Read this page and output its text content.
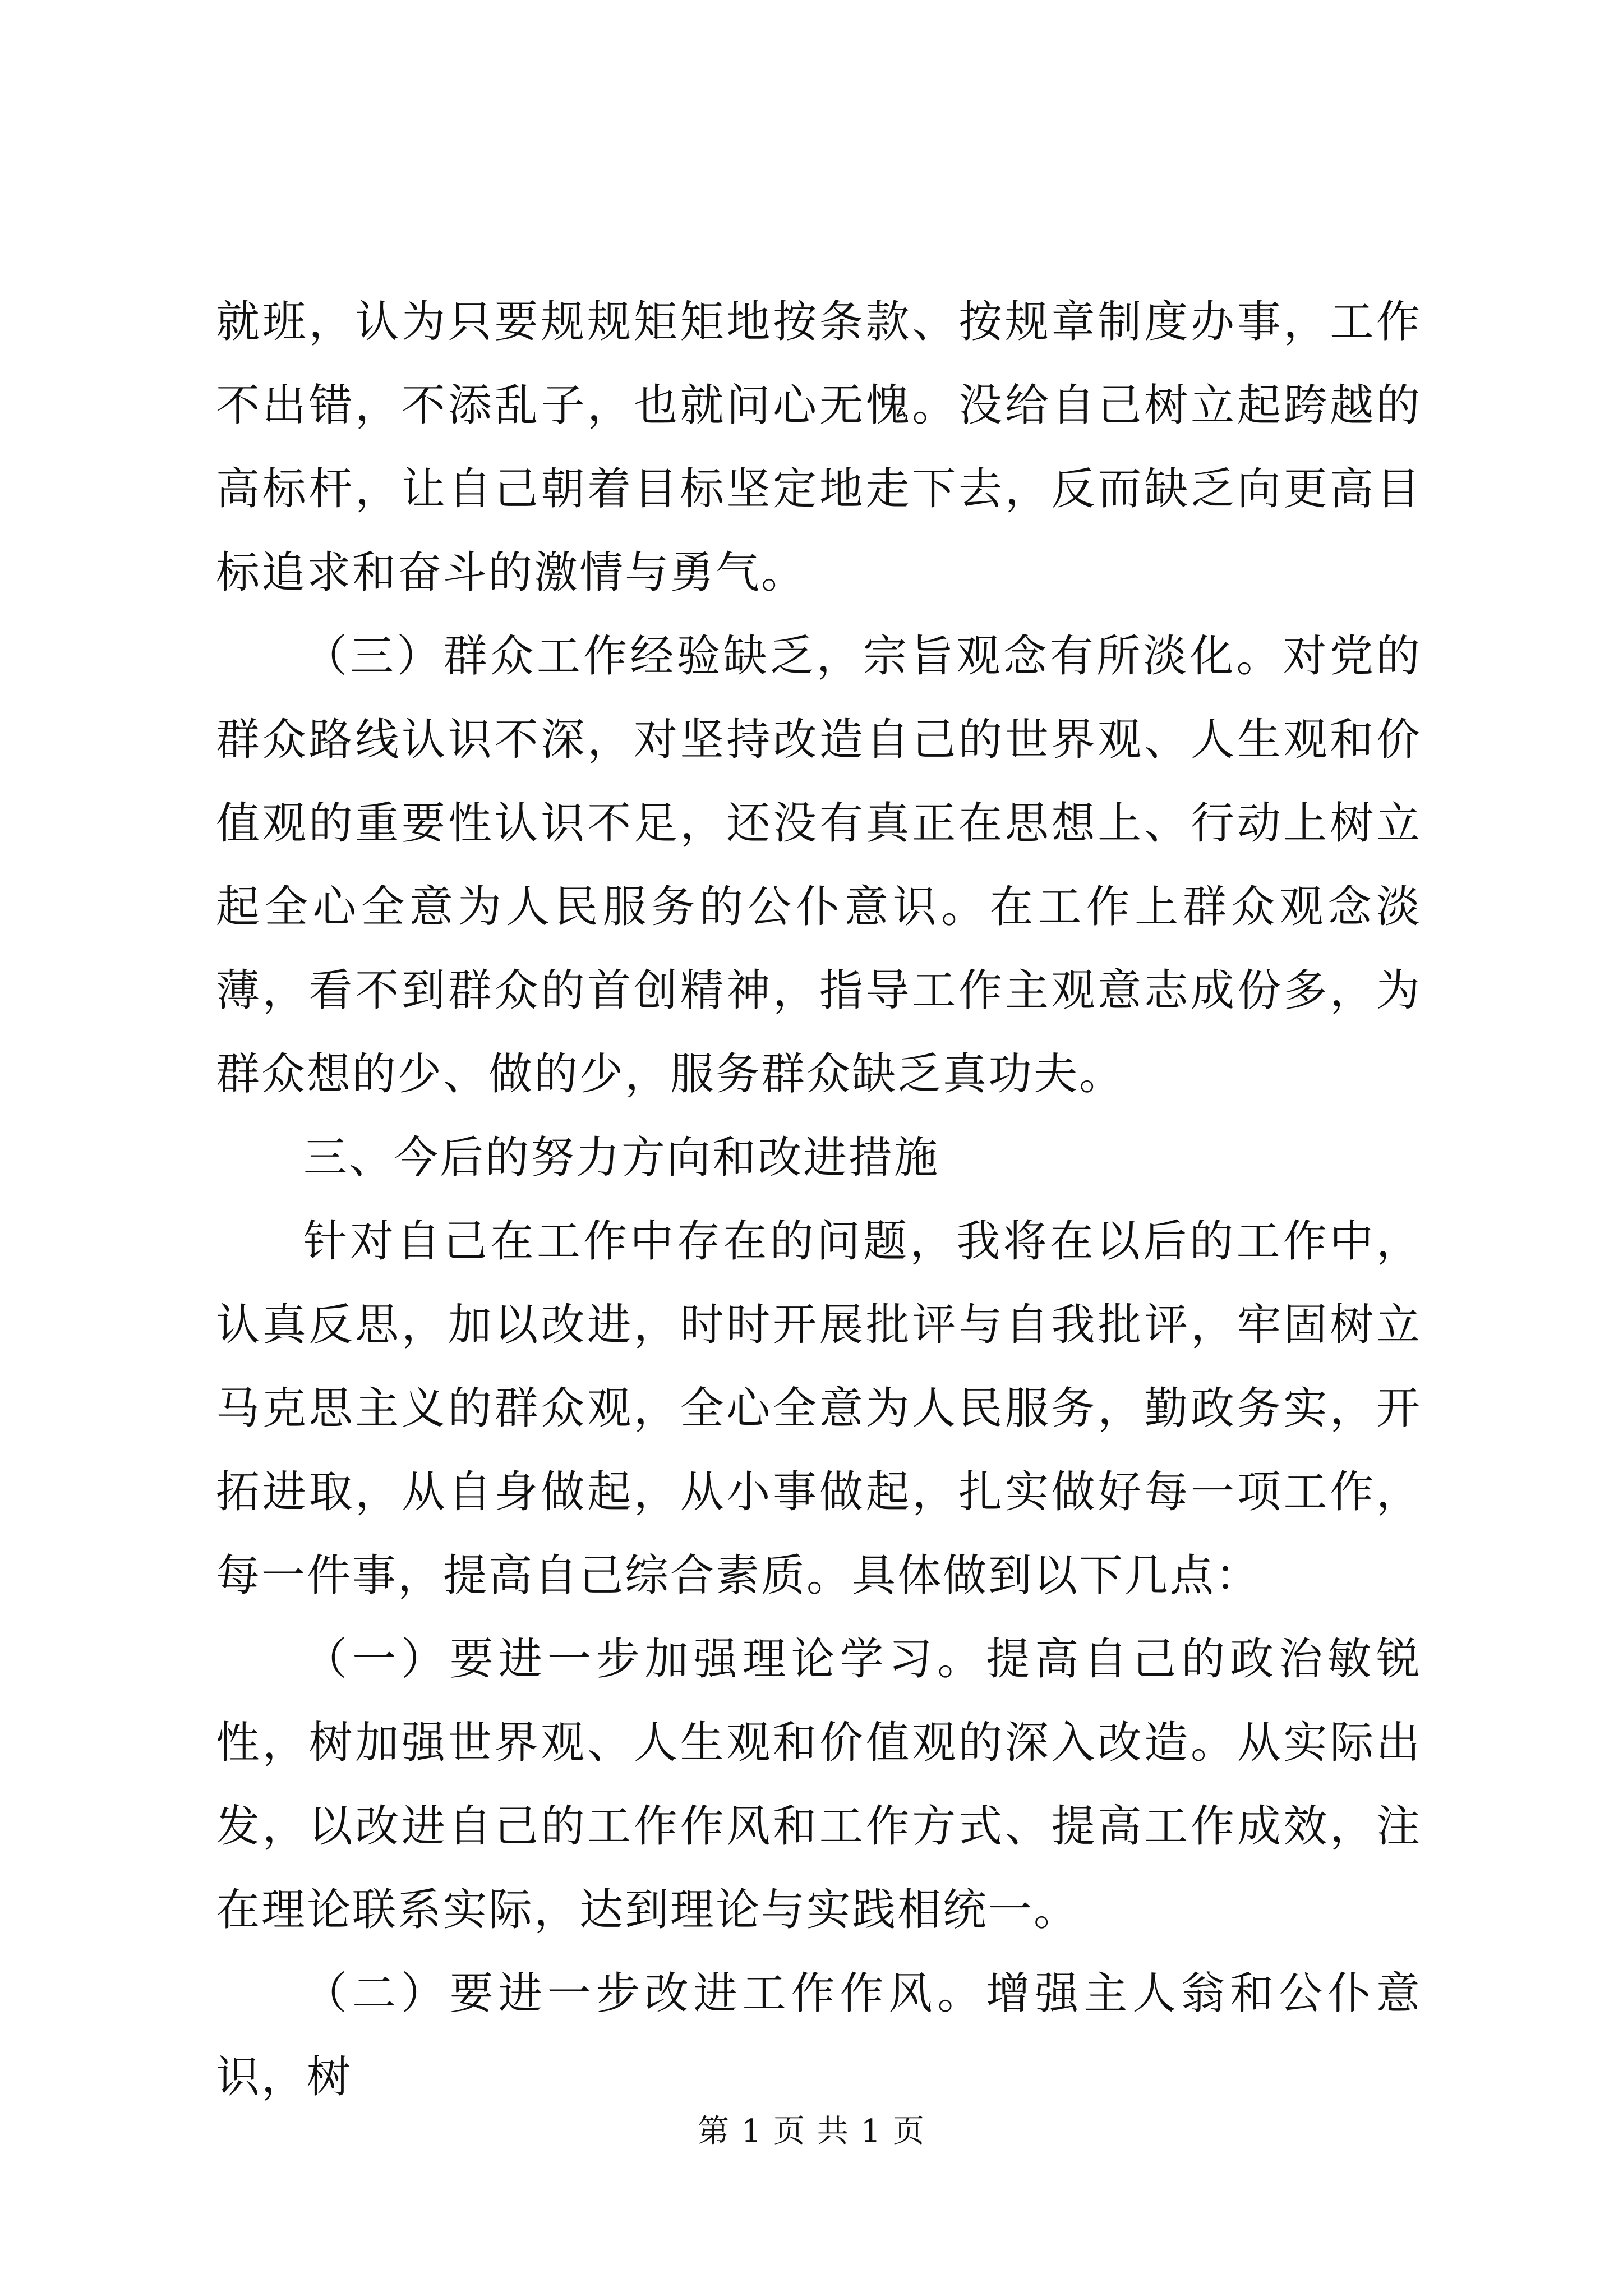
就班，认为只要规规矩矩地按条款、按规章制度办事，工作不出错，不添乱子，也就问心无愧。没给自己树立起跨越的高标杆，让自己朝着目标坚定地走下去，反而缺乏向更高目标追求和奋斗的激情与勇气。

（三）群众工作经验缺乏，宗旨观念有所淡化。对党的群众路线认识不深，对坚持改造自己的世界观、人生观和价值观的重要性认识不足，还没有真正在思想上、行动上树立起全心全意为人民服务的公仆意识。在工作上群众观念淡薄，看不到群众的首创精神，指导工作主观意志成份多，为群众想的少、做的少，服务群众缺乏真功夫。

三、今后的努力方向和改进措施

针对自己在工作中存在的问题，我将在以后的工作中，认真反思，加以改进，时时开展批评与自我批评，牢固树立马克思主义的群众观，全心全意为人民服务，勤政务实，开拓进取，从自身做起，从小事做起，扎实做好每一项工作，每一件事，提高自己综合素质。具体做到以下几点：

（一）要进一步加强理论学习。提高自己的政治敏锐性，树加强世界观、人生观和价值观的深入改造。从实际出发，以改进自己的工作作风和工作方式、提高工作成效，注在理论联系实际，达到理论与实践相统一。

（二）要进一步改进工作作风。增强主人翁和公仆意识，树

第 1 页 共 1 页
